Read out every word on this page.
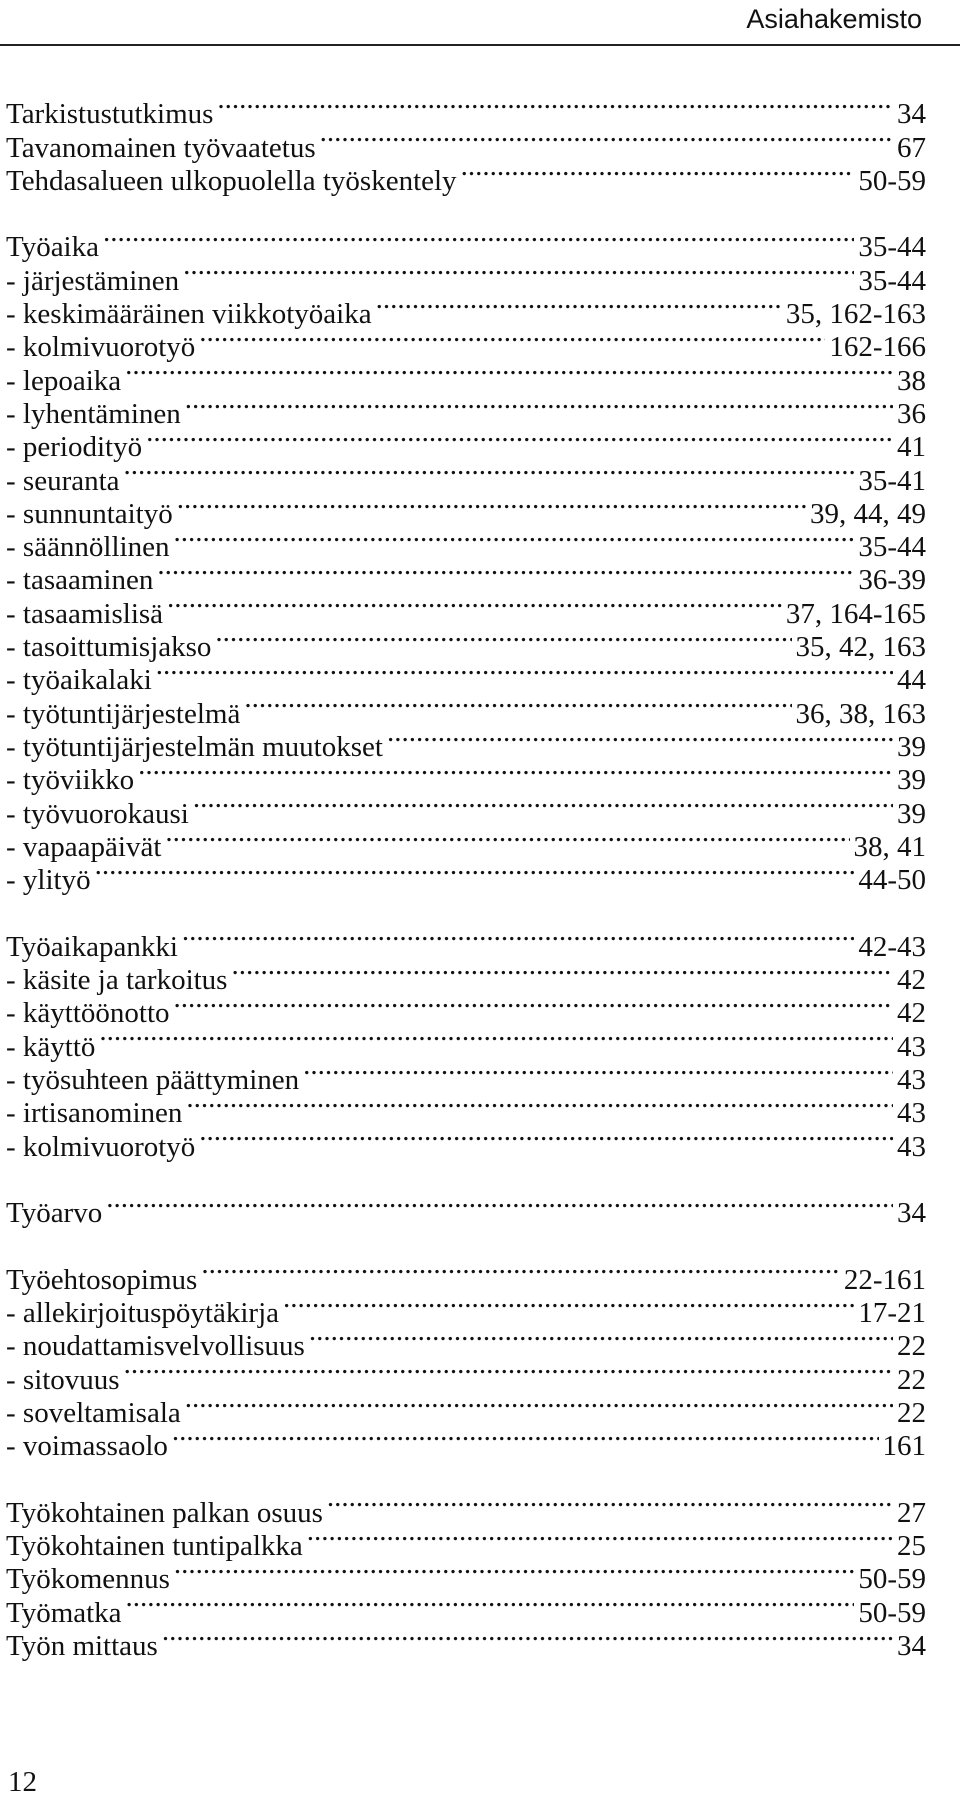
Asiahakemisto
Tarkistustutkimus .....	34
Tavanomainen työvaatetus .....	67
Tehdasalueen ulkopuolella työskentely .....	50-59
Työaika .....	35-44
- järjestäminen .....	35-44
- keskimääräinen viikkotyöaika .....	35, 162-163
- kolmivuorotyö .....	162-166
- lepoaika .....	38
- lyhentäminen .....	36
- periodityö .....	41
- seuranta .....	35-41
- sunnuntaityö .....	39, 44, 49
- säännöllinen .....	35-44
- tasaaminen .....	36-39
- tasaamislisä .....	37, 164-165
- tasoittumisjakso .....	35, 42, 163
- työaikalaki .....	44
- työtuntijärjestelmä .....	36, 38, 163
- työtuntijärjestelmän muutokset .....	39
- työviikko .....	39
- työvuorokausi .....	39
- vapaapäivät .....	38, 41
- ylityö .....	44-50
Työaikapankki .....	42-43
- käsite ja tarkoitus .....	42
- käyttöönotto .....	42
- käyttö .....	43
- työsuhteen päättyminen .....	43
- irtisanominen .....	43
- kolmivuorotyö .....	43
Työarvo .....	34
Työehtosopimus .....	22-161
- allekirjoituspöytäkirja .....	17-21
- noudattamisvelvollisuus .....	22
- sitovuus .....	22
- soveltamisala .....	22
- voimassaolo .....	161
Työkohtainen palkan osuus .....	27
Työkohtainen tuntipalkka .....	25
Työkomennus .....	50-59
Työmatka .....	50-59
Työn mittaus .....	34
12
